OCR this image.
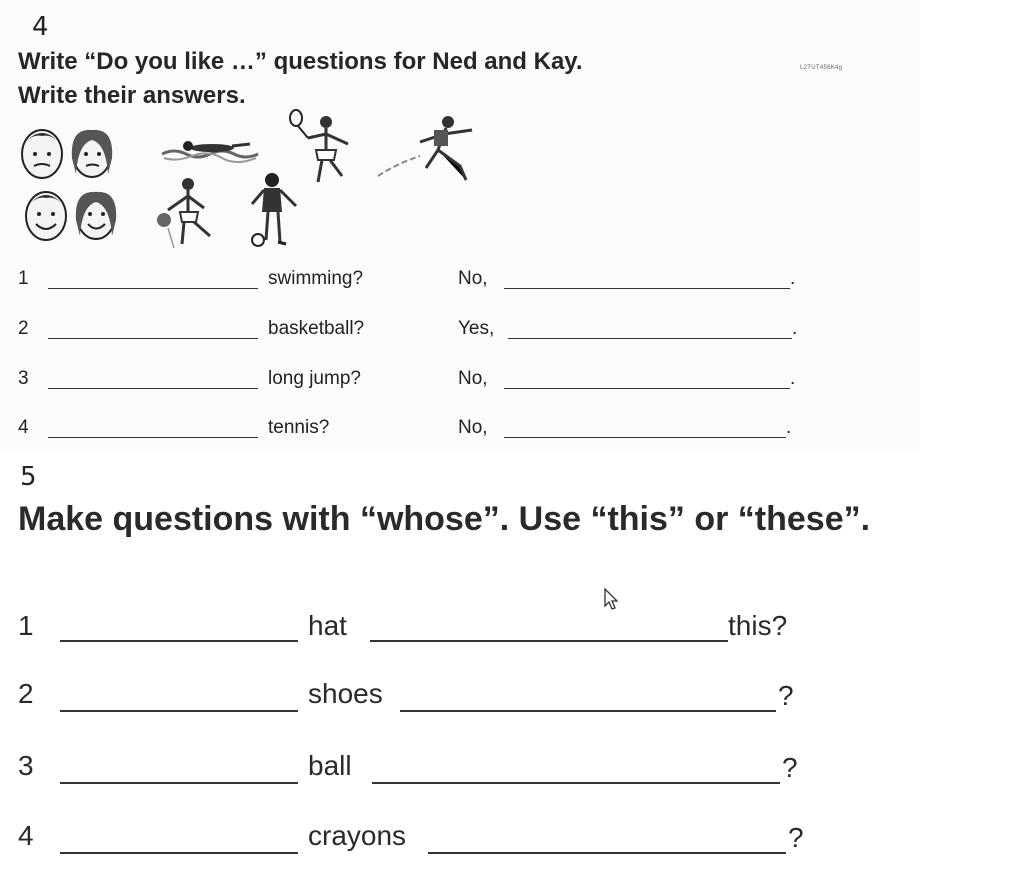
4
Write “Do you like …” questions for Ned and Kay.
Write their answers.
L2TUT456K4g
1	swimming?	No,	.
2	basketball?	Yes,	.
3	long jump?	No,	.
4	tennis?	No,	.
5
Make questions with “whose”. Use “this” or “these”.
1	hat	this?
2	shoes	?
3	ball	?
4	crayons	?
